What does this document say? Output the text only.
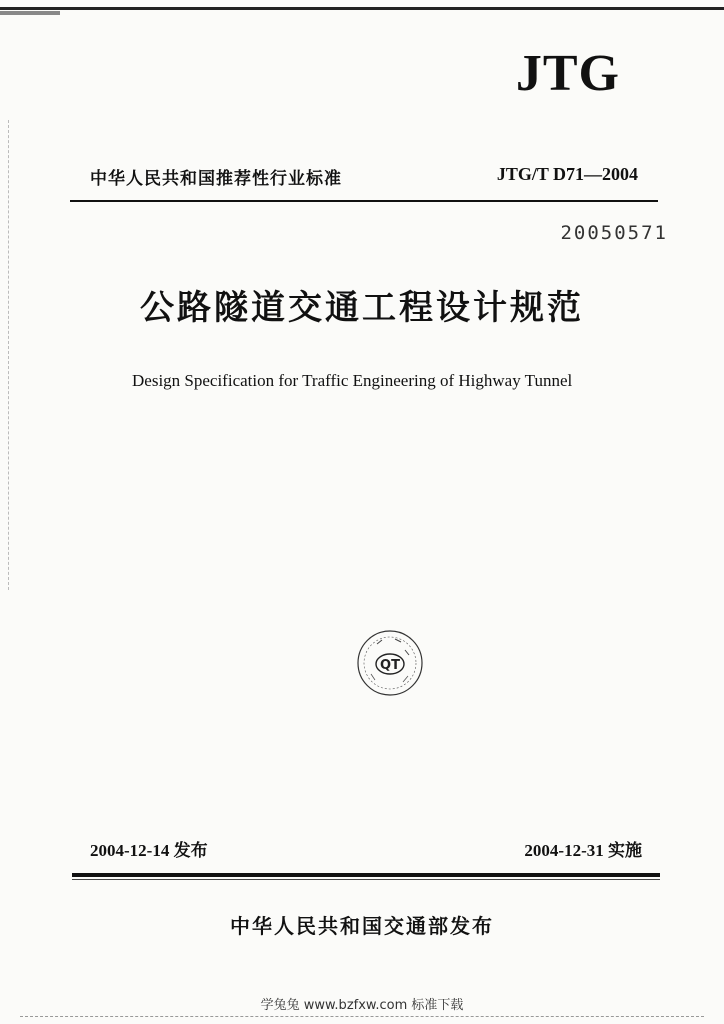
JTG
中华人民共和国推荐性行业标准	JTG/T D71—2004
20050571
公路隧道交通工程设计规范
Design Specification for Traffic Engineering of Highway Tunnel
QT
2004-12-14 发布	2004-12-31 实施
中华人民共和国交通部发布
学兔兔 www.bzfxw.com 标准下载
